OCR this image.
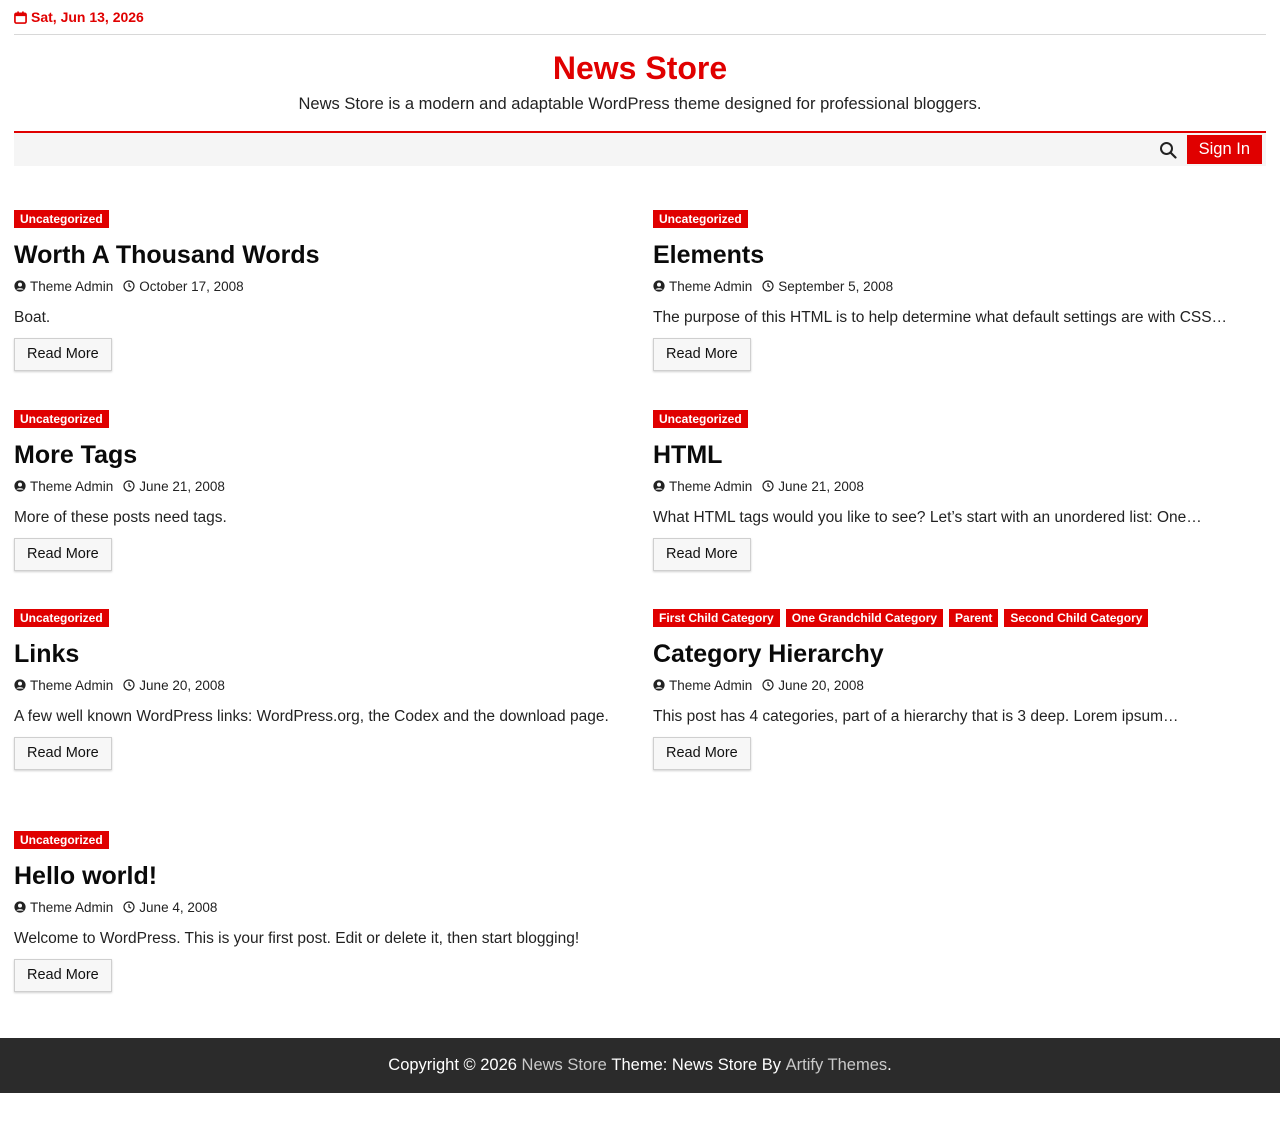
Sat, Jun 13, 2026
News Store
News Store is a modern and adaptable WordPress theme designed for professional bloggers.
Sign In
Uncategorized
Worth A Thousand Words
Theme Admin October 17, 2008
Boat.
Read More
Uncategorized
Elements
Theme Admin September 5, 2008
The purpose of this HTML is to help determine what default settings are with CSS…
Read More
Uncategorized
More Tags
Theme Admin June 21, 2008
More of these posts need tags.
Read More
Uncategorized
HTML
Theme Admin June 21, 2008
What HTML tags would you like to see? Let’s start with an unordered list: One…
Read More
Uncategorized
Links
Theme Admin June 20, 2008
A few well known WordPress links: WordPress.org, the Codex and the download page.
Read More
First Child Category	One Grandchild Category	Parent	Second Child Category
Category Hierarchy
Theme Admin June 20, 2008
This post has 4 categories, part of a hierarchy that is 3 deep. Lorem ipsum…
Read More
Uncategorized
Hello world!
Theme Admin June 4, 2008
Welcome to WordPress. This is your first post. Edit or delete it, then start blogging!
Read More
Copyright © 2026
News Store
Theme: News Store By
Artify Themes .
